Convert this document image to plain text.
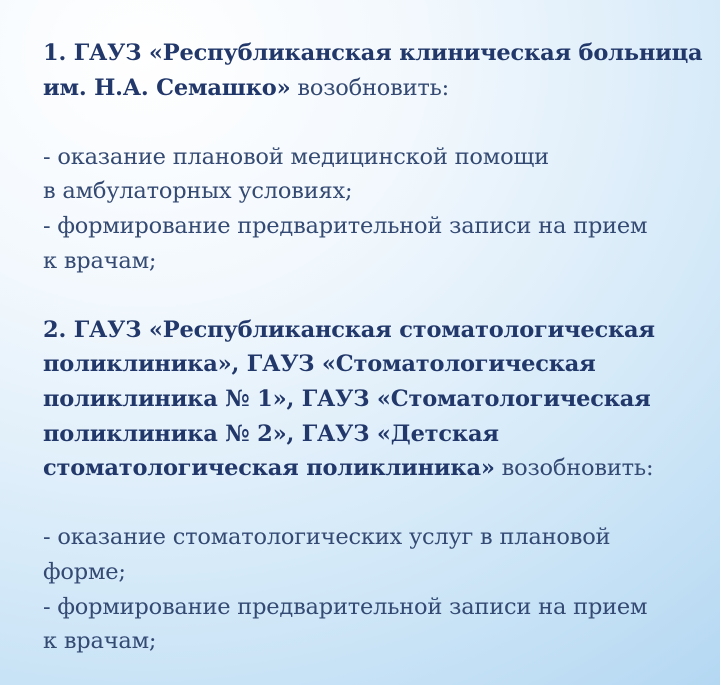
1. ГАУЗ «Республиканская клиническая больница
им. Н.А. Семашко» возобновить:
- оказание плановой медицинской помощи
в амбулаторных условиях;
- формирование предварительной записи на прием
к врачам;
2. ГАУЗ «Республиканская стоматологическая
поликлиника», ГАУЗ «Стоматологическая
поликлиника № 1», ГАУЗ «Стоматологическая
поликлиника № 2», ГАУЗ «Детская
стоматологическая поликлиника» возобновить:
- оказание стоматологических услуг в плановой
форме;
- формирование предварительной записи на прием
к врачам;
